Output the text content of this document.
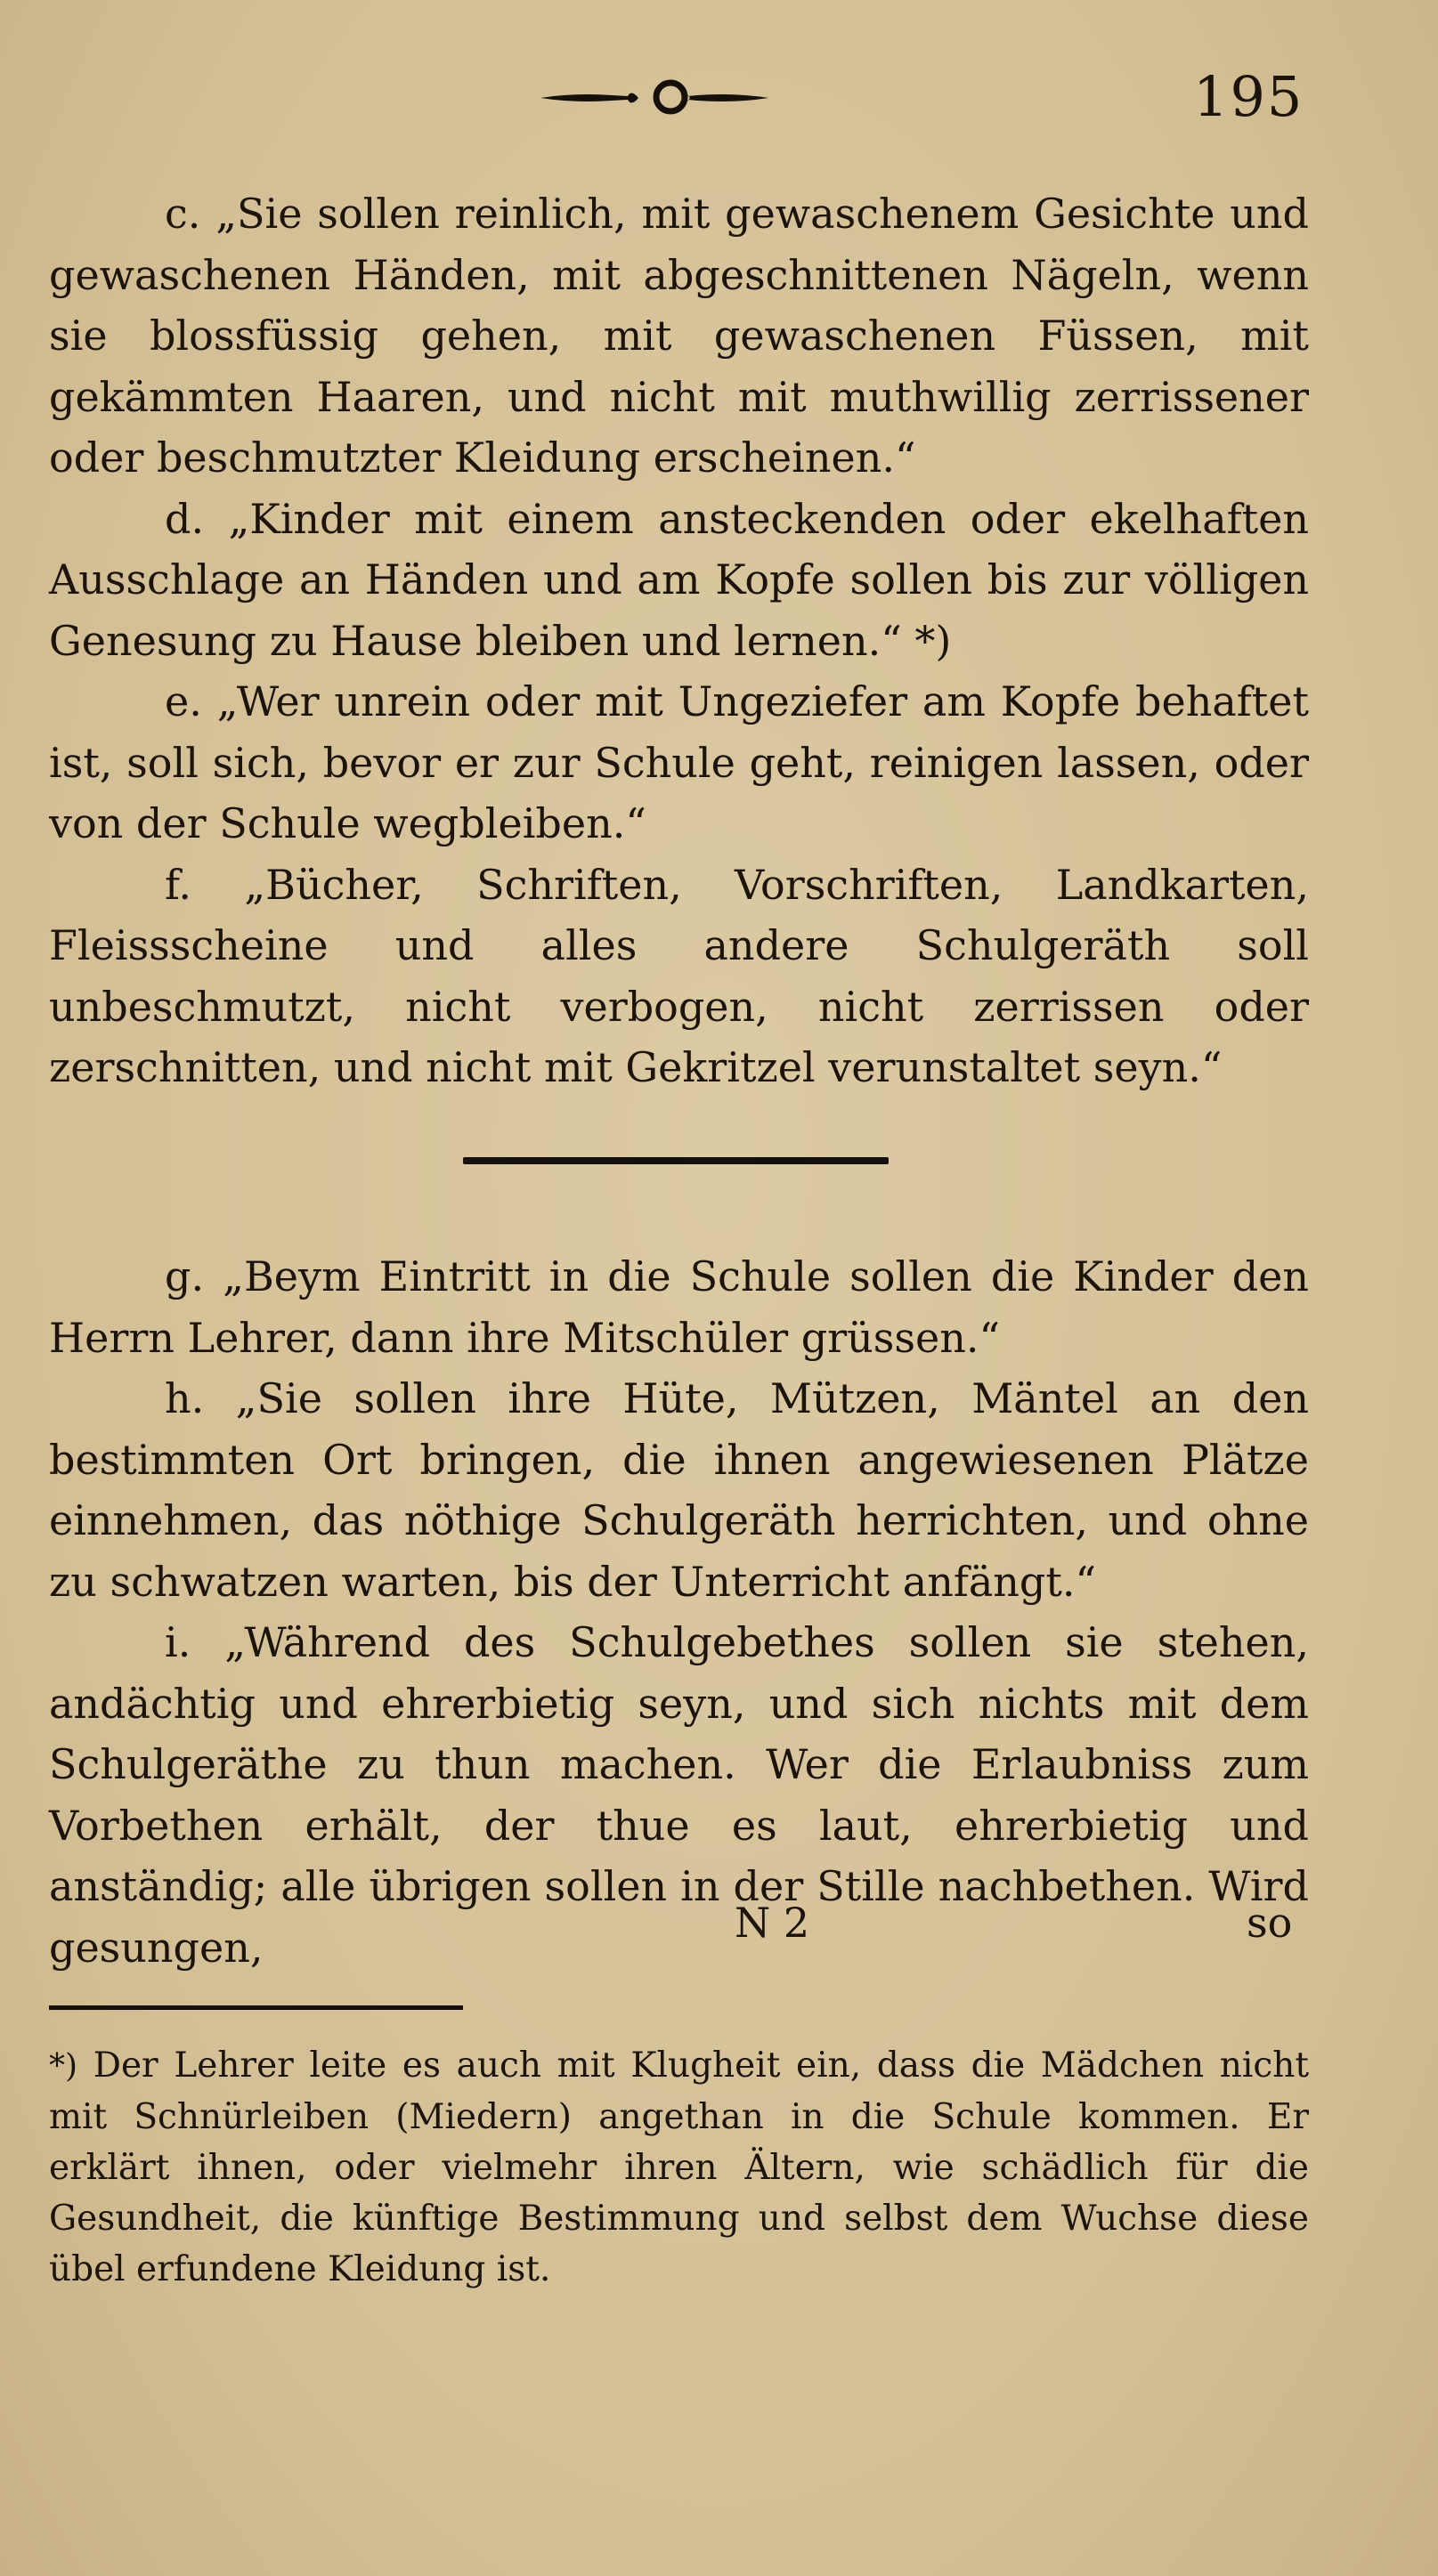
195

c. „Sie sollen reinlich, mit gewaschenem Gesichte und gewaschenen Händen, mit abgeschnittenen Nägeln, wenn sie blossfüssig gehen, mit gewaschenen Füssen, mit gekämmten Haaren, und nicht mit muthwillig zerrissener oder beschmutzter Kleidung erscheinen.“

d. „Kinder mit einem ansteckenden oder ekelhaften Ausschlage an Händen und am Kopfe sollen bis zur völligen Genesung zu Hause bleiben und lernen.“ *)

e. „Wer unrein oder mit Ungeziefer am Kopfe behaftet ist, soll sich, bevor er zur Schule geht, reinigen lassen, oder von der Schule wegbleiben.“

f. „Bücher, Schriften, Vorschriften, Landkarten, Fleissscheine und alles andere Schulgeräth soll unbeschmutzt, nicht verbogen, nicht zerrissen oder zerschnitten, und nicht mit Gekritzel verunstaltet seyn.“

g. „Beym Eintritt in die Schule sollen die Kinder den Herrn Lehrer, dann ihre Mitschüler grüssen.“

h. „Sie sollen ihre Hüte, Mützen, Mäntel an den bestimmten Ort bringen, die ihnen angewiesenen Plätze einnehmen, das nöthige Schulgeräth herrichten, und ohne zu schwatzen warten, bis der Unterricht anfängt.“

i. „Während des Schulgebethes sollen sie stehen, andächtig und ehrerbietig seyn, und sich nichts mit dem Schulgeräthe zu thun machen. Wer die Erlaubniss zum Vorbethen erhält, der thue es laut, ehrerbietig und anständig; alle übrigen sollen in der Stille nachbethen. Wird gesungen,

N 2	so

*) Der Lehrer leite es auch mit Klugheit ein, dass die Mädchen nicht mit Schnürleiben (Miedern) angethan in die Schule kommen. Er erklärt ihnen, oder vielmehr ihren Ältern, wie schädlich für die Gesundheit, die künftige Bestimmung und selbst dem Wuchse diese übel erfundene Kleidung ist.
